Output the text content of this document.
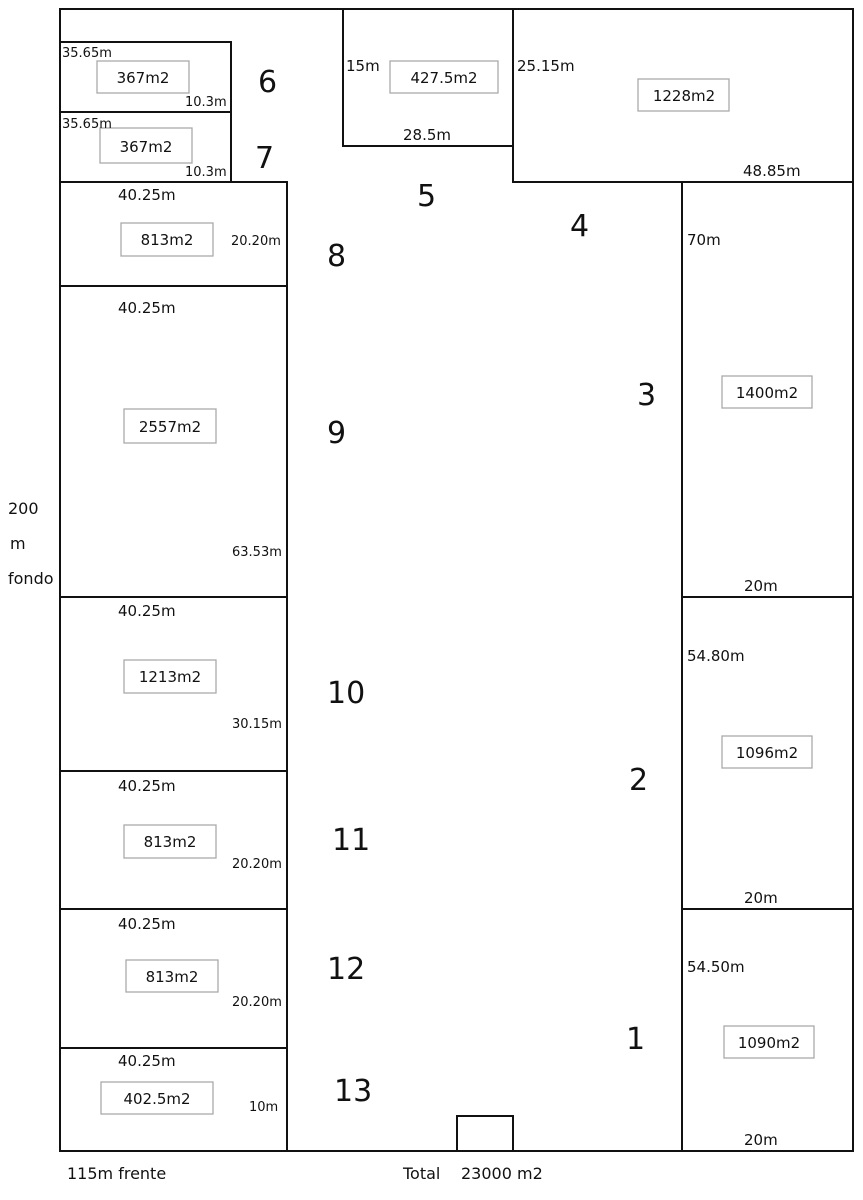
367m2
367m2
427.5m2
1228m2
813m2
2557m2
1213m2
813m2
813m2
402.5m2
1400m2
1096m2
1090m2
35.65m
10.3m
35.65m
10.3m
15m
28.5m
25.15m
48.85m
40.25m
20.20m
40.25m
63.53m
40.25m
30.15m
40.25m
20.20m
40.25m
20.20m
40.25m
10m
70m
20m
54.80m
20m
54.50m
20m
6
7
5
4
8
3
9
10
2
11
12
1
13
200
m
fondo
115m frente	Total 23000 m2
